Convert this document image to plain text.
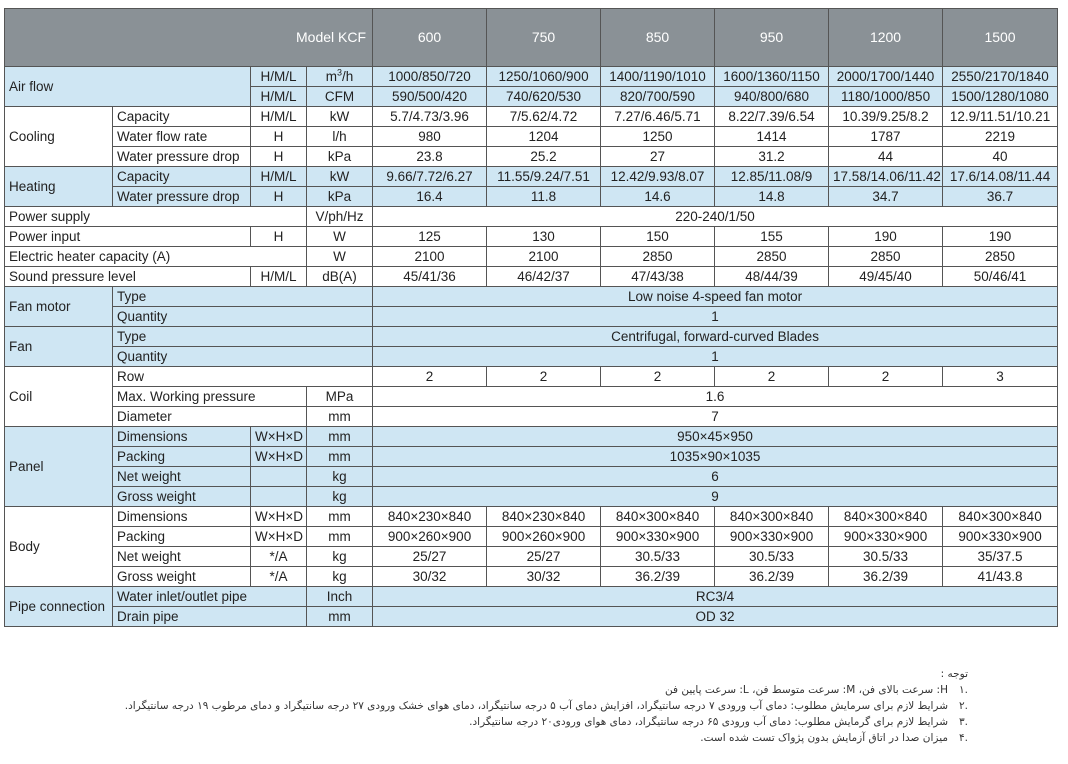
Model KCF				600	750	850	950	1200	1500
Air flow		H/M/L	$m^3/h$	1000/850/720	1250/1060/900	1400/1190/1010	1600/1360/1150	2000/1700/1440	2550/2170/1840
		H/M/L	CFM	590/500/420	740/620/530	820/700/590	940/800/680	1180/1000/850	1500/1280/1080
Cooling	Capacity	H/M/L	kW	5.7/4.73/3.96	7/5.62/4.72	7.27/6.46/5.71	8.22/7.39/6.54	10.39/9.25/8.2	12.9/11.51/10.21
	Water flow rate	H	l/h	980	1204	1250	1414	1787	2219
	Water pressure drop	H	kPa	23.8	25.2	27	31.2	44	40
Heating	Capacity	H/M/L	kW	9.66/7.72/6.27	11.55/9.24/7.51	12.42/9.93/8.07	12.85/11.08/9	17.58/14.06/11.42	17.6/14.08/11.44
	Water pressure drop	H	kPa	16.4	11.8	14.6	14.8	34.7	36.7
Power supply			V/ph/Hz	220-240/1/50					
Power input		H	W	125	130	150	155	190	190
Electric heater capacity (A)			W	2100	2100	2850	2850	2850	2850
Sound pressure level		H/M/L	dB(A)	45/41/36	46/42/37	47/43/38	48/44/39	49/45/40	50/46/41
Fan motor	Type			Low noise 4-speed fan motor					
	Quantity			1					
Fan	Type			Centrifugal, forward-curved Blades					
	Quantity			1					
Coil	Row			2	2	2	2	2	3
	Max. Working pressure		MPa	1.6					
	Diameter		mm	7					
Panel	Dimensions	W×H×D	mm	950×45×950					
	Packing	W×H×D	mm	1035×90×1035					
	Net weight		kg	6					
	Gross weight		kg	9					
Body	Dimensions	W×H×D	mm	840×230×840	840×230×840	840×300×840	840×300×840	840×300×840	840×300×840
	Packing	W×H×D	mm	900×260×900	900×260×900	900×330×900	900×330×900	900×330×900	900×330×900
	Net weight	*/A	kg	25/27	25/27	30.5/33	30.5/33	30.5/33	35/37.5
	Gross weight	*/A	kg	30/32	30/32	36.2/39	36.2/39	36.2/39	41/43.8
Pipe connection	Water inlet/outlet pipe		Inch	RC3/4					
	Drain pipe		mm	OD 32					
توجه :
.۱H: سرعت بالای فن، M: سرعت متوسط فن، L: سرعت پایین فن
.۲شرایط لازم برای سرمایش مطلوب: دمای آب ورودی ۷ درجه سانتیگراد، افزایش دمای آب ۵ درجه سانتیگراد، دمای هوای خشک ورودی ۲۷ درجه سانتیگراد و دمای مرطوب ۱۹ درجه سانتیگراد.
.۳شرایط لازم برای گرمایش مطلوب: دمای آب ورودی ۶۵ درجه سانتیگراد، دمای هوای ورودی۲۰ درجه سانتیگراد.
.۴میزان صدا در اتاق آزمایش بدون پژواک تست شده است.
